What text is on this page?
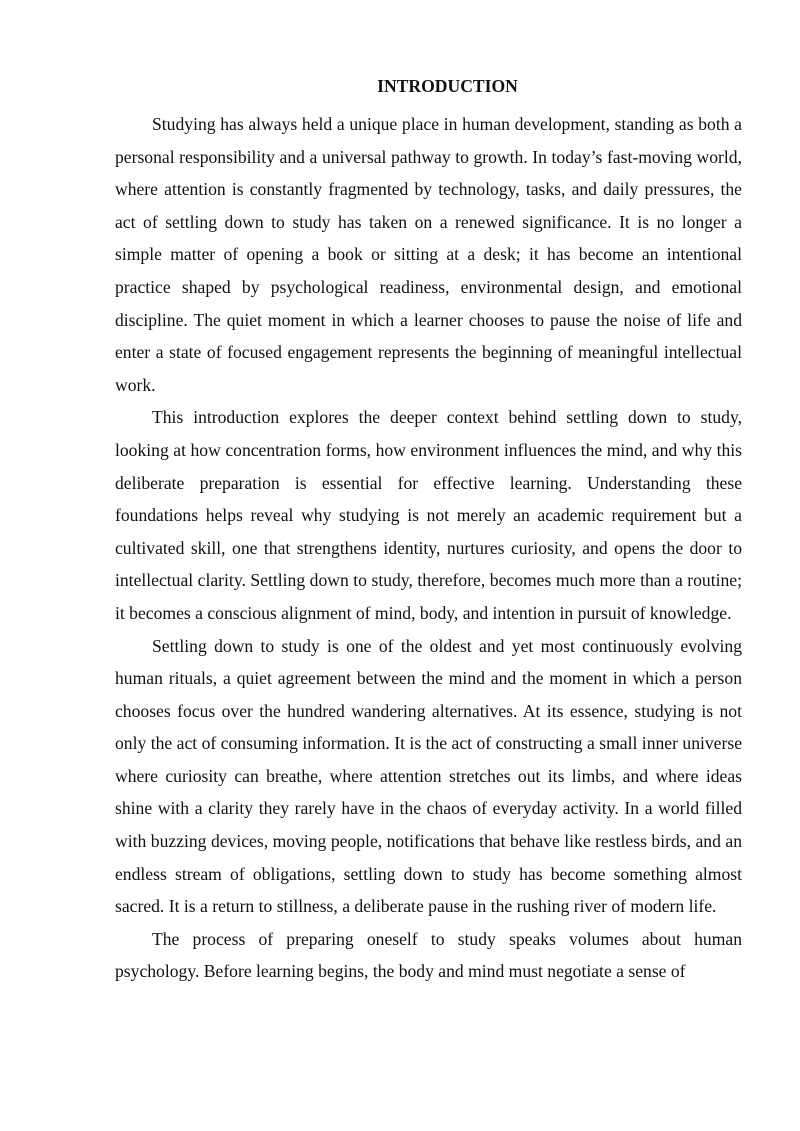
INTRODUCTION

Studying has always held a unique place in human development, standing as both a personal responsibility and a universal pathway to growth. In today’s fast-moving world, where attention is constantly fragmented by technology, tasks, and daily pressures, the act of settling down to study has taken on a renewed significance. It is no longer a simple matter of opening a book or sitting at a desk; it has become an intentional practice shaped by psychological readiness, environmental design, and emotional discipline. The quiet moment in which a learner chooses to pause the noise of life and enter a state of focused engagement represents the beginning of meaningful intellectual work.

This introduction explores the deeper context behind settling down to study, looking at how concentration forms, how environment influences the mind, and why this deliberate preparation is essential for effective learning. Understanding these foundations helps reveal why studying is not merely an academic requirement but a cultivated skill, one that strengthens identity, nurtures curiosity, and opens the door to intellectual clarity. Settling down to study, therefore, becomes much more than a routine; it becomes a conscious alignment of mind, body, and intention in pursuit of knowledge.

Settling down to study is one of the oldest and yet most continuously evolving human rituals, a quiet agreement between the mind and the moment in which a person chooses focus over the hundred wandering alternatives. At its essence, studying is not only the act of consuming information. It is the act of constructing a small inner universe where curiosity can breathe, where attention stretches out its limbs, and where ideas shine with a clarity they rarely have in the chaos of everyday activity. In a world filled with buzzing devices, moving people, notifications that behave like restless birds, and an endless stream of obligations, settling down to study has become something almost sacred. It is a return to stillness, a deliberate pause in the rushing river of modern life.

The process of preparing oneself to study speaks volumes about human psychology. Before learning begins, the body and mind must negotiate a sense of
